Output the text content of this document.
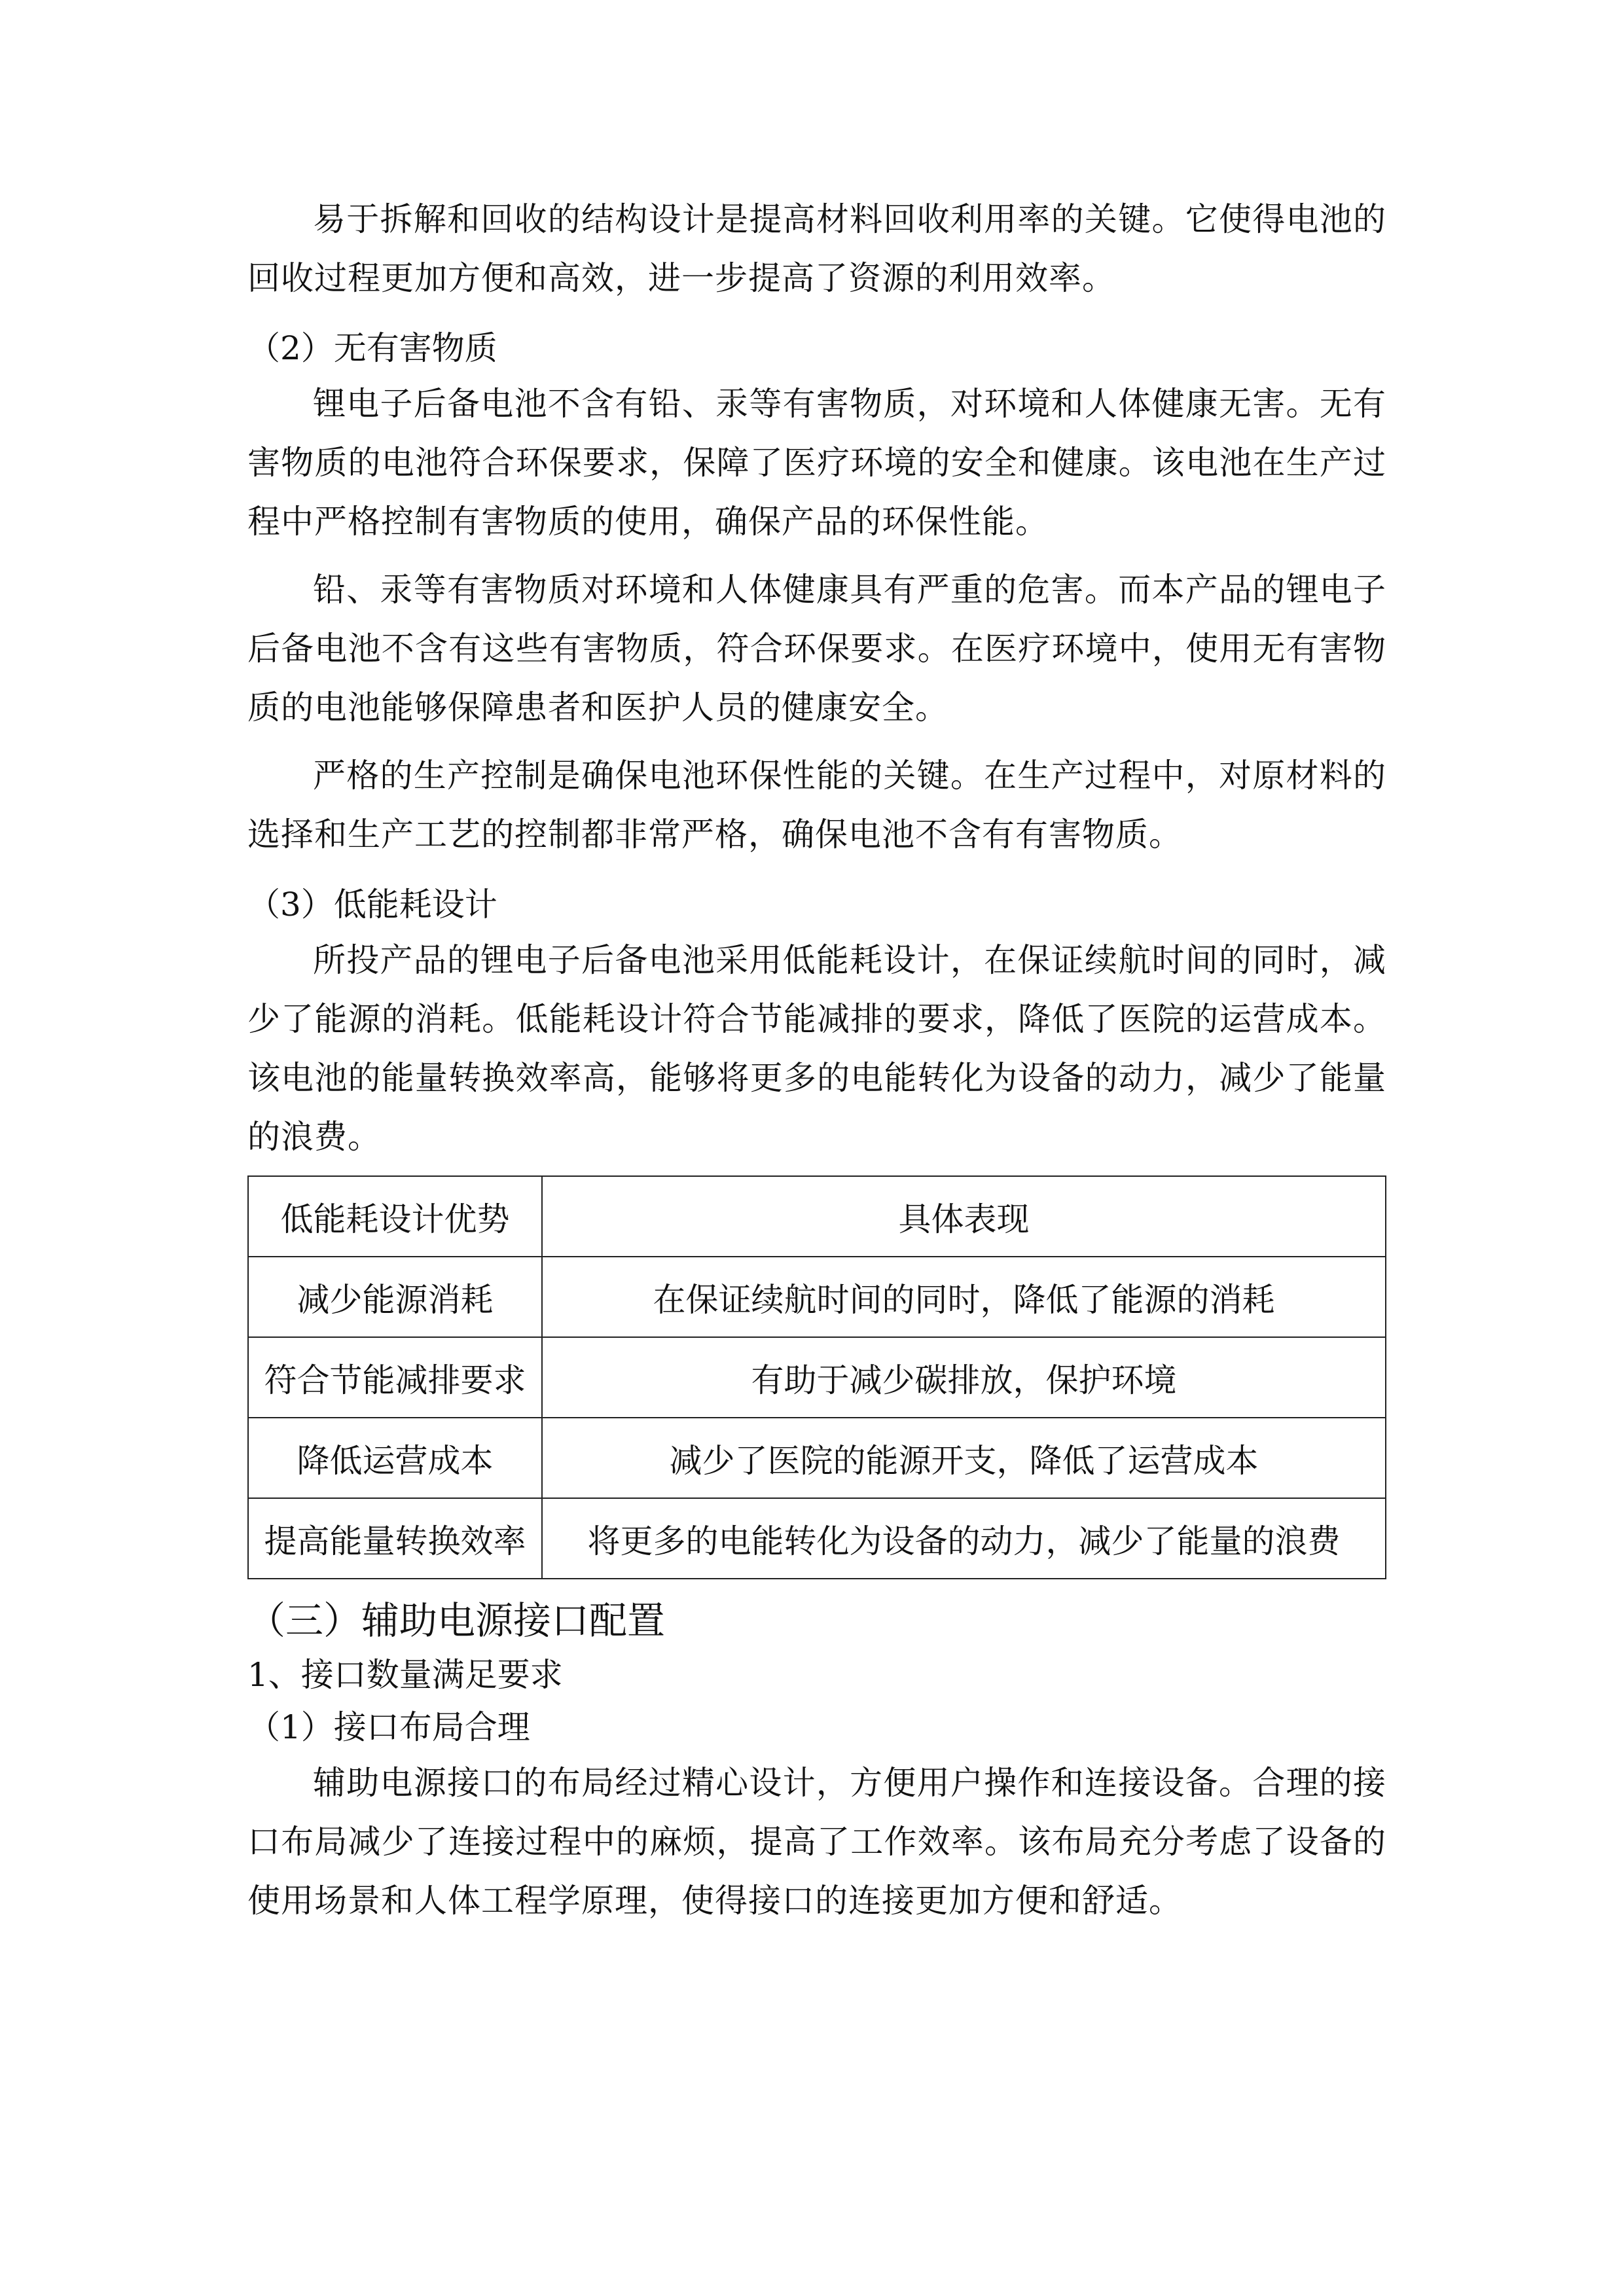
易于拆解和回收的结构设计是提高材料回收利用率的关键。它使得电池的回收过程更加方便和高效，进一步提高了资源的利用效率。

（2）无有害物质

锂电子后备电池不含有铅、汞等有害物质，对环境和人体健康无害。无有害物质的电池符合环保要求，保障了医疗环境的安全和健康。该电池在生产过程中严格控制有害物质的使用，确保产品的环保性能。

铅、汞等有害物质对环境和人体健康具有严重的危害。而本产品的锂电子后备电池不含有这些有害物质，符合环保要求。在医疗环境中，使用无有害物质的电池能够保障患者和医护人员的健康安全。

严格的生产控制是确保电池环保性能的关键。在生产过程中，对原材料的选择和生产工艺的控制都非常严格，确保电池不含有有害物质。

（3）低能耗设计

所投产品的锂电子后备电池采用低能耗设计，在保证续航时间的同时，减少了能源的消耗。低能耗设计符合节能减排的要求，降低了医院的运营成本。该电池的能量转换效率高，能够将更多的电能转化为设备的动力，减少了能量的浪费。

低能耗设计优势	具体表现
减少能源消耗	在保证续航时间的同时，降低了能源的消耗
符合节能减排要求	有助于减少碳排放，保护环境
降低运营成本	减少了医院的能源开支，降低了运营成本
提高能量转换效率	将更多的电能转化为设备的动力，减少了能量的浪费

（三）辅助电源接口配置

1、接口数量满足要求

（1）接口布局合理

辅助电源接口的布局经过精心设计，方便用户操作和连接设备。合理的接口布局减少了连接过程中的麻烦，提高了工作效率。该布局充分考虑了设备的使用场景和人体工程学原理，使得接口的连接更加方便和舒适。
